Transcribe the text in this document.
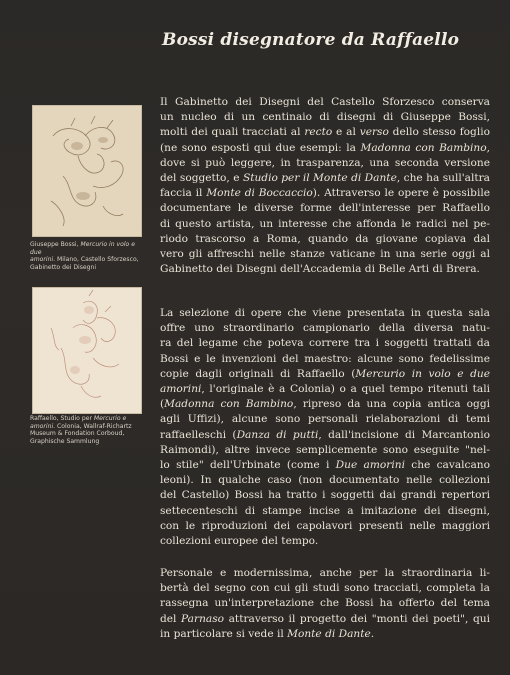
Bossi disegnatore da Raffaello
Giuseppe Bossi, Mercurio in volo e due
amorini. Milano, Castello Sforzesco,
Gabinetto dei Disegni
Raffaello, Studio per Mercurio e
amorini. Colonia, Wallraf-Richartz
Museum & Fondation Corboud,
Graphische Sammlung
Il Gabinetto dei Disegni del Castello Sforzesco conserva
un nucleo di un centinaio di disegni di Giuseppe Bossi,
molti dei quali tracciati al recto e al verso dello stesso foglio
(ne sono esposti qui due esempi: la Madonna con Bambino,
dove si può leggere, in trasparenza, una seconda versione
del soggetto, e Studio per il Monte di Dante, che ha sull'altra
faccia il Monte di Boccaccio). Attraverso le opere è possibile
documentare le diverse forme dell'interesse per Raffaello
di questo artista, un interesse che affonda le radici nel pe-
riodo trascorso a Roma, quando da giovane copiava dal
vero gli affreschi nelle stanze vaticane in una serie oggi al
Gabinetto dei Disegni dell'Accademia di Belle Arti di Brera.
La selezione di opere che viene presentata in questa sala
offre uno straordinario campionario della diversa natu-
ra del legame che poteva correre tra i soggetti trattati da
Bossi e le invenzioni del maestro: alcune sono fedelissime
copie dagli originali di Raffaello (Mercurio in volo e due
amorini, l'originale è a Colonia) o a quel tempo ritenuti tali
(Madonna con Bambino, ripreso da una copia antica oggi
agli Uffizi), alcune sono personali rielaborazioni di temi
raffaelleschi (Danza di putti, dall'incisione di Marcantonio
Raimondi), altre invece semplicemente sono eseguite "nel-
lo stile" dell'Urbinate (come i Due amorini che cavalcano
leoni). In qualche caso (non documentato nelle collezioni
del Castello) Bossi ha tratto i soggetti dai grandi repertori
settecenteschi di stampe incise a imitazione dei disegni,
con le riproduzioni dei capolavori presenti nelle maggiori
collezioni europee del tempo.
Personale e modernissima, anche per la straordinaria li-
bertà del segno con cui gli studi sono tracciati, completa la
rassegna un'interpretazione che Bossi ha offerto del tema
del Parnaso attraverso il progetto dei "monti dei poeti", qui
in particolare si vede il Monte di Dante.
